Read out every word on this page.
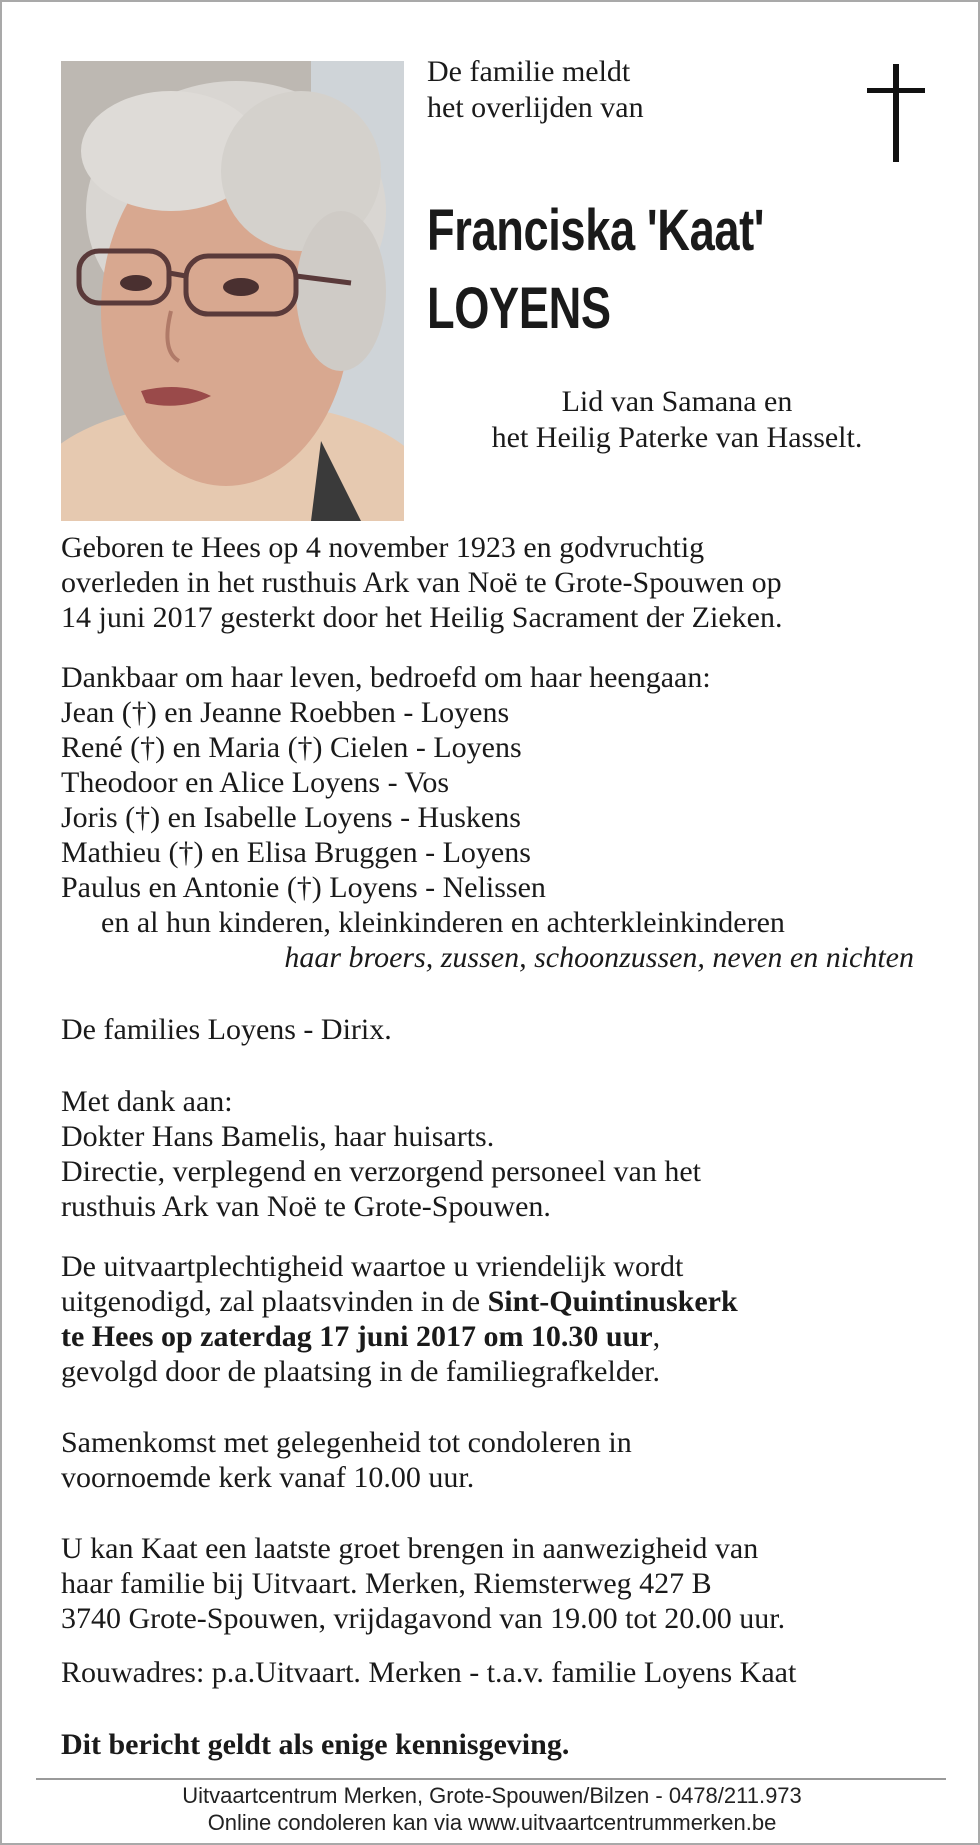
De familie meldt
het overlijden van
Franciska 'Kaat'
LOYENS
Lid van Samana en
het Heilig Paterke van Hasselt.
Geboren te Hees op 4 november 1923 en godvruchtig
overleden in het rusthuis Ark van Noë te Grote-Spouwen op
14 juni 2017 gesterkt door het Heilig Sacrament der Zieken.
Dankbaar om haar leven, bedroefd om haar heengaan:
Jean (†) en Jeanne Roebben - Loyens
René (†) en Maria (†) Cielen - Loyens
Theodoor en Alice Loyens - Vos
Joris (†) en Isabelle Loyens - Huskens
Mathieu (†) en Elisa Bruggen - Loyens
Paulus en Antonie (†) Loyens - Nelissen
en al hun kinderen, kleinkinderen en achterkleinkinderen
haar broers, zussen, schoonzussen, neven en nichten
De families Loyens - Dirix.
Met dank aan:
Dokter Hans Bamelis, haar huisarts.
Directie, verplegend en verzorgend personeel van het
rusthuis Ark van Noë te Grote-Spouwen.
De uitvaartplechtigheid waartoe u vriendelijk wordt
uitgenodigd, zal plaatsvinden in de Sint-Quintinuskerk
te Hees op zaterdag 17 juni 2017 om 10.30 uur,
gevolgd door de plaatsing in de familiegrafkelder.
Samenkomst met gelegenheid tot condoleren in
voornoemde kerk vanaf 10.00 uur.
U kan Kaat een laatste groet brengen in aanwezigheid van
haar familie bij Uitvaart. Merken, Riemsterweg 427 B
3740 Grote-Spouwen, vrijdagavond van 19.00 tot 20.00 uur.
Rouwadres: p.a.Uitvaart. Merken - t.a.v. familie Loyens Kaat
Dit bericht geldt als enige kennisgeving.
Uitvaartcentrum Merken, Grote-Spouwen/Bilzen - 0478/211.973
Online condoleren kan via www.uitvaartcentrummerken.be
